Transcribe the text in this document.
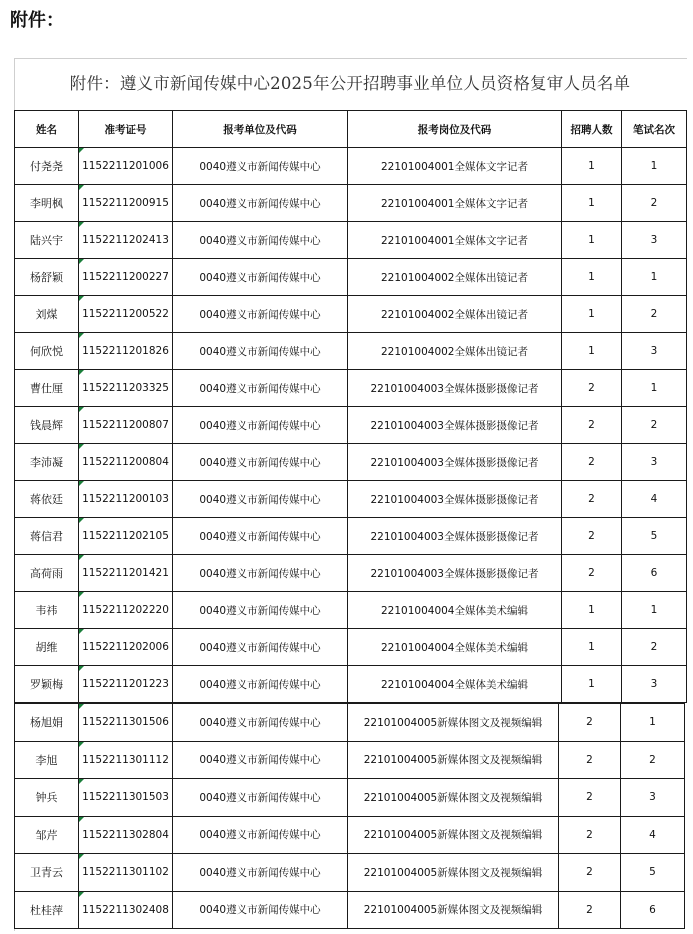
附件：
附件：遵义市新闻传媒中心2025年公开招聘事业单位人员资格复审人员名单
姓名	准考证号	报考单位及代码	报考岗位及代码	招聘人数	笔试名次
付尧尧	1152211201006	0040遵义市新闻传媒中心	22101004001全媒体文字记者	1	1
李明枫	1152211200915	0040遵义市新闻传媒中心	22101004001全媒体文字记者	1	2
陆兴宇	1152211202413	0040遵义市新闻传媒中心	22101004001全媒体文字记者	1	3
杨舒颖	1152211200227	0040遵义市新闻传媒中心	22101004002全媒体出镜记者	1	1
刘煤	1152211200522	0040遵义市新闻传媒中心	22101004002全媒体出镜记者	1	2
何欣悦	1152211201826	0040遵义市新闻传媒中心	22101004002全媒体出镜记者	1	3
曹仕厘	1152211203325	0040遵义市新闻传媒中心	22101004003全媒体摄影摄像记者	2	1
钱晨辉	1152211200807	0040遵义市新闻传媒中心	22101004003全媒体摄影摄像记者	2	2
李沛凝	1152211200804	0040遵义市新闻传媒中心	22101004003全媒体摄影摄像记者	2	3
蒋依廷	1152211200103	0040遵义市新闻传媒中心	22101004003全媒体摄影摄像记者	2	4
蒋信君	1152211202105	0040遵义市新闻传媒中心	22101004003全媒体摄影摄像记者	2	5
高荷雨	1152211201421	0040遵义市新闻传媒中心	22101004003全媒体摄影摄像记者	2	6
韦祎	1152211202220	0040遵义市新闻传媒中心	22101004004全媒体美术编辑	1	1
胡维	1152211202006	0040遵义市新闻传媒中心	22101004004全媒体美术编辑	1	2
罗颖梅	1152211201223	0040遵义市新闻传媒中心	22101004004全媒体美术编辑	1	3
杨旭娟	1152211301506	0040遵义市新闻传媒中心	22101004005新媒体图文及视频编辑	2	1
李旭	1152211301112	0040遵义市新闻传媒中心	22101004005新媒体图文及视频编辑	2	2
钟兵	1152211301503	0040遵义市新闻传媒中心	22101004005新媒体图文及视频编辑	2	3
邹芹	1152211302804	0040遵义市新闻传媒中心	22101004005新媒体图文及视频编辑	2	4
卫青云	1152211301102	0040遵义市新闻传媒中心	22101004005新媒体图文及视频编辑	2	5
杜桂萍	1152211302408	0040遵义市新闻传媒中心	22101004005新媒体图文及视频编辑	2	6
